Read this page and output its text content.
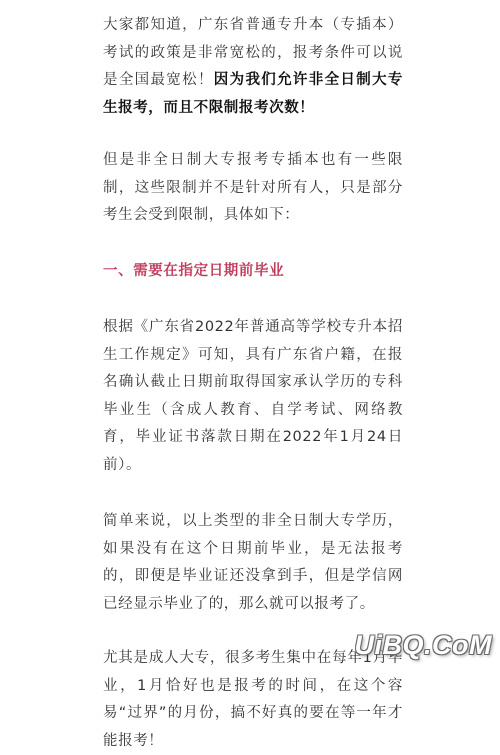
大家都知道，广东省普通专升本（专插本）考试的政策是非常宽松的，报考条件可以说是全国最宽松！因为我们允许非全日制大专生报考，而且不限制报考次数！

但是非全日制大专报考专插本也有一些限制，这些限制并不是针对所有人，只是部分考生会受到限制，具体如下：

一、需要在指定日期前毕业

根据《广东省2022年普通高等学校专升本招生工作规定》可知，具有广东省户籍，在报名确认截止日期前取得国家承认学历的专科毕业生（含成人教育、自学考试、网络教育，毕业证书落款日期在2022年1月24日前）。

简单来说，以上类型的非全日制大专学历，如果没有在这个日期前毕业，是无法报考的，即便是毕业证还没拿到手，但是学信网已经显示毕业了的，那么就可以报考了。

尤其是成人大专，很多考生集中在每年1月毕业，1月恰好也是报考的时间，在这个容易“过界”的月份，搞不好真的要在等一年才能报考！

UiBQ.CoM
